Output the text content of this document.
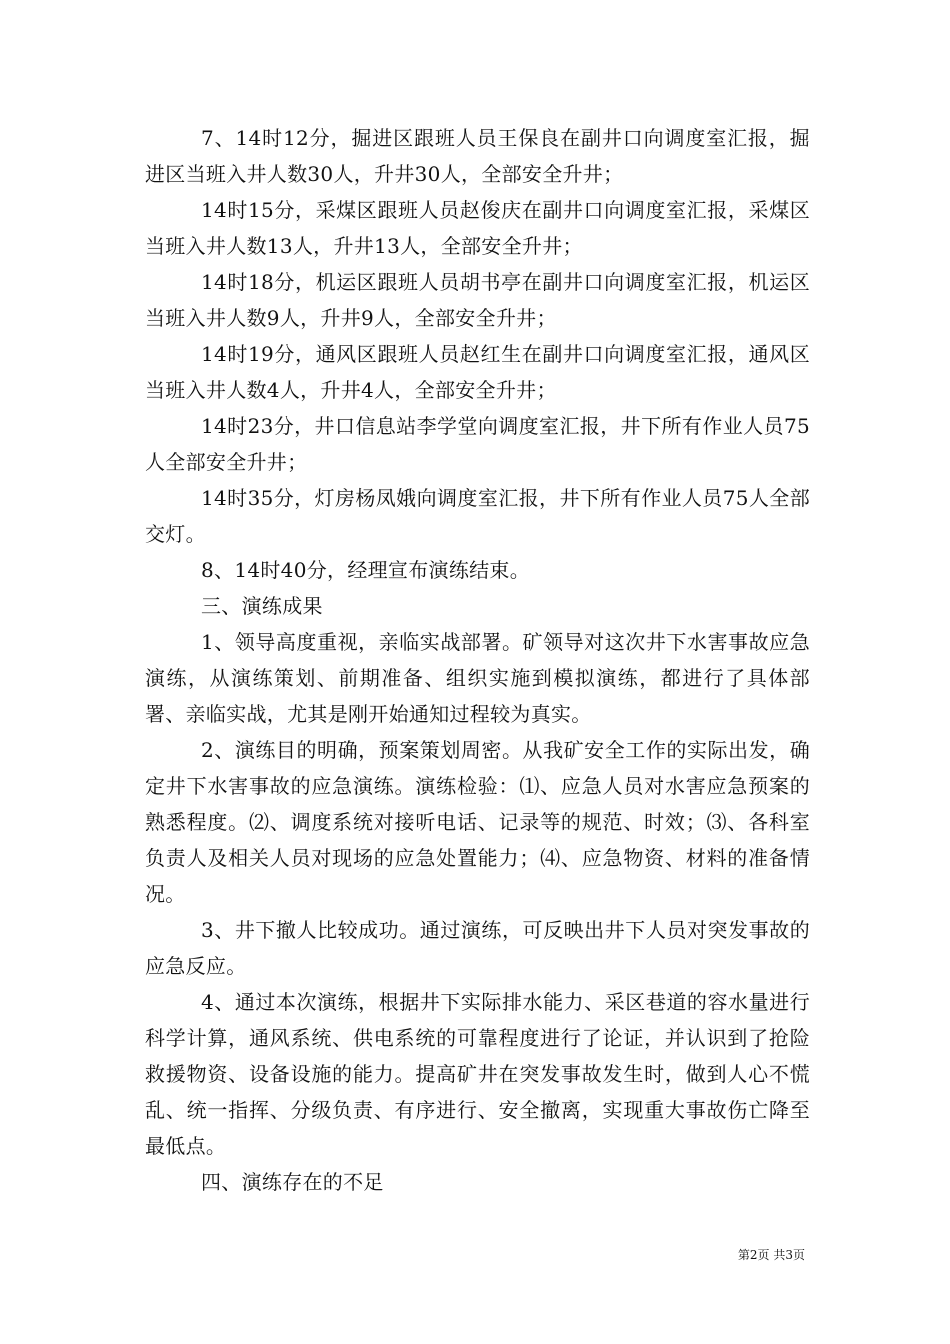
7、14时12分，掘进区跟班人员王保良在副井口向调度室汇报，掘进区当班入井人数30人，升井30人，全部安全升井；

14时15分，采煤区跟班人员赵俊庆在副井口向调度室汇报，采煤区当班入井人数13人，升井13人，全部安全升井；

14时18分，机运区跟班人员胡书亭在副井口向调度室汇报，机运区当班入井人数9人，升井9人，全部安全升井；

14时19分，通风区跟班人员赵红生在副井口向调度室汇报，通风区当班入井人数4人，升井4人，全部安全升井；

14时23分，井口信息站李学堂向调度室汇报，井下所有作业人员75人全部安全升井；

14时35分，灯房杨凤娥向调度室汇报，井下所有作业人员75人全部交灯。

8、14时40分，经理宣布演练结束。

三、演练成果

1、领导高度重视，亲临实战部署。矿领导对这次井下水害事故应急演练，从演练策划、前期准备、组织实施到模拟演练，都进行了具体部署、亲临实战，尤其是刚开始通知过程较为真实。

2、演练目的明确，预案策划周密。从我矿安全工作的实际出发，确定井下水害事故的应急演练。演练检验：⑴、应急人员对水害应急预案的熟悉程度。⑵、调度系统对接听电话、记录等的规范、时效；⑶、各科室负责人及相关人员对现场的应急处置能力；⑷、应急物资、材料的准备情况。

3、井下撤人比较成功。通过演练，可反映出井下人员对突发事故的应急反应。

4、通过本次演练，根据井下实际排水能力、采区巷道的容水量进行科学计算，通风系统、供电系统的可靠程度进行了论证，并认识到了抢险救援物资、设备设施的能力。提高矿井在突发事故发生时，做到人心不慌乱、统一指挥、分级负责、有序进行、安全撤离，实现重大事故伤亡降至最低点。

四、演练存在的不足

第2页 共3页
